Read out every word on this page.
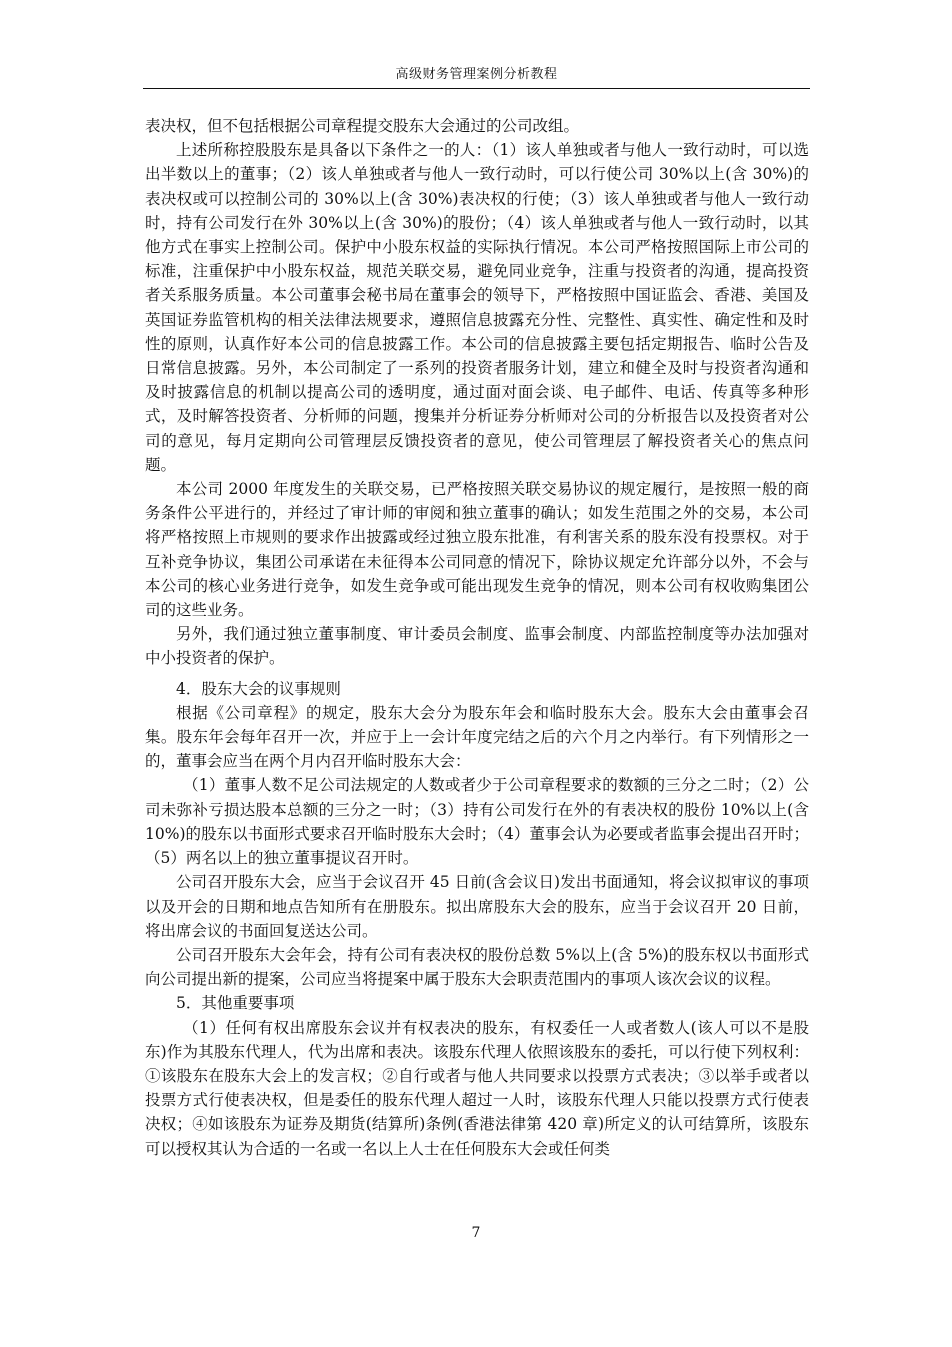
高级财务管理案例分析教程

表决权，但不包括根据公司章程提交股东大会通过的公司改组。

上述所称控股股东是具备以下条件之一的人：（1）该人单独或者与他人一致行动时，可以选出半数以上的董事；（2）该人单独或者与他人一致行动时，可以行使公司 30%以上(含 30%)的表决权或可以控制公司的 30%以上(含 30%)表决权的行使；（3）该人单独或者与他人一致行动时，持有公司发行在外 30%以上(含 30%)的股份；（4）该人单独或者与他人一致行动时，以其他方式在事实上控制公司。保护中小股东权益的实际执行情况。本公司严格按照国际上市公司的标准，注重保护中小股东权益，规范关联交易，避免同业竞争，注重与投资者的沟通，提高投资者关系服务质量。本公司董事会秘书局在董事会的领导下，严格按照中国证监会、香港、美国及英国证券监管机构的相关法律法规要求，遵照信息披露充分性、完整性、真实性、确定性和及时性的原则，认真作好本公司的信息披露工作。本公司的信息披露主要包括定期报告、临时公告及日常信息披露。另外，本公司制定了一系列的投资者服务计划，建立和健全及时与投资者沟通和及时披露信息的机制以提高公司的透明度，通过面对面会谈、电子邮件、电话、传真等多种形式，及时解答投资者、分析师的问题，搜集并分析证券分析师对公司的分析报告以及投资者对公司的意见，每月定期向公司管理层反馈投资者的意见，使公司管理层了解投资者关心的焦点问题。

本公司 2000 年度发生的关联交易，已严格按照关联交易协议的规定履行，是按照一般的商务条件公平进行的，并经过了审计师的审阅和独立董事的确认；如发生范围之外的交易，本公司将严格按照上市规则的要求作出披露或经过独立股东批准，有利害关系的股东没有投票权。对于互补竞争协议，集团公司承诺在未征得本公司同意的情况下，除协议规定允许部分以外，不会与本公司的核心业务进行竞争，如发生竞争或可能出现发生竞争的情况，则本公司有权收购集团公司的这些业务。

另外，我们通过独立董事制度、审计委员会制度、监事会制度、内部监控制度等办法加强对中小投资者的保护。

4．股东大会的议事规则

根据《公司章程》的规定，股东大会分为股东年会和临时股东大会。股东大会由董事会召集。股东年会每年召开一次，并应于上一会计年度完结之后的六个月之内举行。有下列情形之一的，董事会应当在两个月内召开临时股东大会：

（1）董事人数不足公司法规定的人数或者少于公司章程要求的数额的三分之二时；（2）公司未弥补亏损达股本总额的三分之一时；（3）持有公司发行在外的有表决权的股份 10%以上(含 10%)的股东以书面形式要求召开临时股东大会时；（4）董事会认为必要或者监事会提出召开时；（5）两名以上的独立董事提议召开时。

公司召开股东大会，应当于会议召开 45 日前(含会议日)发出书面通知，将会议拟审议的事项以及开会的日期和地点告知所有在册股东。拟出席股东大会的股东，应当于会议召开 20 日前，将出席会议的书面回复送达公司。

公司召开股东大会年会，持有公司有表决权的股份总数 5%以上(含 5%)的股东权以书面形式向公司提出新的提案，公司应当将提案中属于股东大会职责范围内的事项人该次会议的议程。

5．其他重要事项

（1）任何有权出席股东会议并有权表决的股东，有权委任一人或者数人(该人可以不是股东)作为其股东代理人，代为出席和表决。该股东代理人依照该股东的委托，可以行使下列权利：①该股东在股东大会上的发言权；②自行或者与他人共同要求以投票方式表决；③以举手或者以投票方式行使表决权，但是委任的股东代理人超过一人时，该股东代理人只能以投票方式行使表决权；④如该股东为证券及期货(结算所)条例(香港法律第 420 章)所定义的认可结算所，该股东可以授权其认为合适的一名或一名以上人士在任何股东大会或任何类

7
